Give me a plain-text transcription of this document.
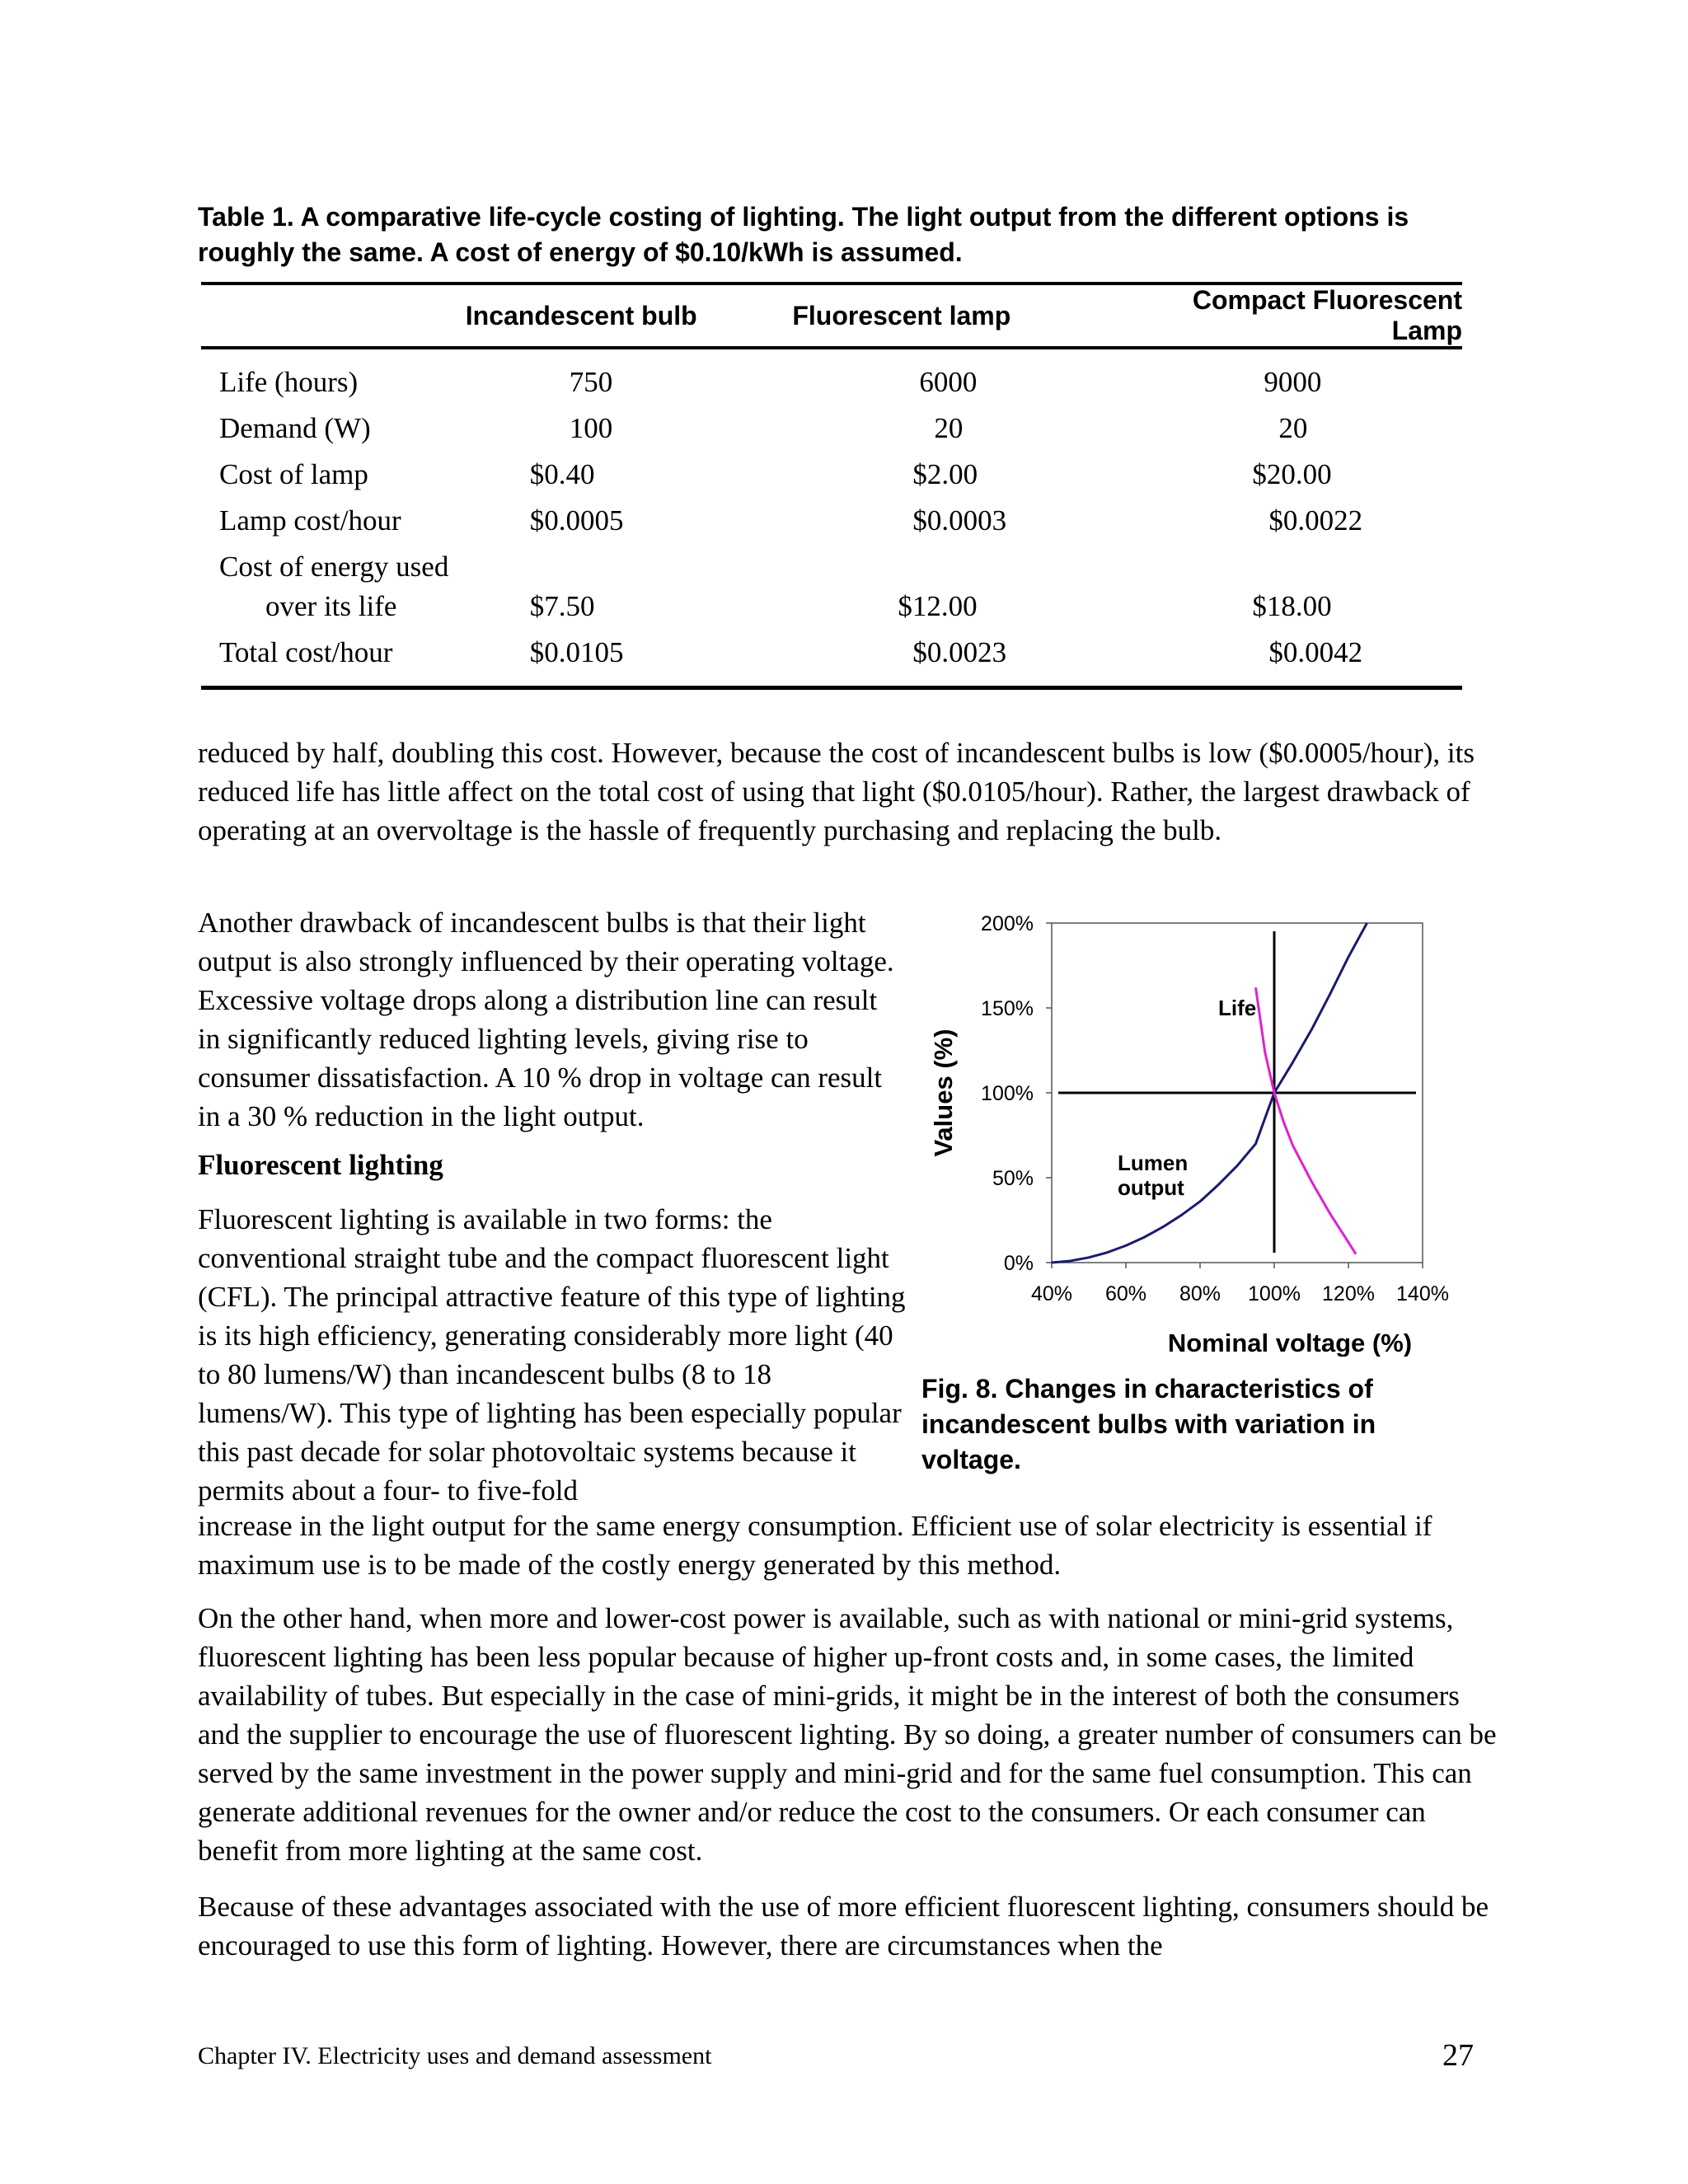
Table 1. A comparative life-cycle costing of lighting. The light output from the different options is roughly the same. A cost of energy of $0.10/kWh is assumed.
	Incandescent bulb	Fluorescent lamp	Compact Fluorescent Lamp
Life (hours)	750	6000	9000
Demand (W)	100	20	20
Cost of lamp	$0.40	$2.00	$20.00
Lamp cost/hour	$0.0005	$0.0003	$0.0022

Cost of energy used
over its life	$7.50	$12.00	$18.00
Total cost/hour	$0.0105	$0.0023	$0.0042

reduced by half, doubling this cost. However, because the cost of incandescent bulbs is low ($0.0005/hour), its reduced life has little affect on the total cost of using that light ($0.0105/hour). Rather, the largest drawback of operating at an overvoltage is the hassle of frequently purchasing and replacing the bulb.

Another drawback of incandescent bulbs is that their light output is also strongly influenced by their operating voltage. Excessive voltage drops along a distribution line can result in significantly reduced lighting levels, giving rise to consumer dissatisfaction. A 10 % drop in voltage can result in a 30 % reduction in the light output.

Fluorescent lighting

Fluorescent lighting is available in two forms: the conventional straight tube and the compact fluorescent light (CFL). The principal attractive feature of this type of lighting is its high efficiency, generating considerably more light (40 to 80 lumens/W) than incandescent bulbs (8 to 18 lumens/W). This type of lighting has been especially popular this past decade for solar photovoltaic systems because it permits about a four- to five-fold

increase in the light output for the same energy consumption. Efficient use of solar electricity is essential if maximum use is to be made of the costly energy generated by this method.

On the other hand, when more and lower-cost power is available, such as with national or mini-grid systems, fluorescent lighting has been less popular because of higher up-front costs and, in some cases, the limited availability of tubes. But especially in the case of mini-grids, it might be in the interest of both the consumers and the supplier to encourage the use of fluorescent lighting. By so doing, a greater number of consumers can be served by the same investment in the power supply and mini-grid and for the same fuel consumption. This can generate additional revenues for the owner and/or reduce the cost to the consumers. Or each consumer can benefit from more lighting at the same cost.

Because of these advantages associated with the use of more efficient fluorescent lighting, consumers should be encouraged to use this form of lighting. However, there are circumstances when the

0%
50%
100%
150%
200%
40% 60% 80% 100% 120% 140%
Life
Lumen
output
Nominal voltage (%)
Values (%)
Fig. 8. Changes in characteristics of incandescent bulbs with variation in voltage.
Chapter IV. Electricity uses and demand assessment	27
